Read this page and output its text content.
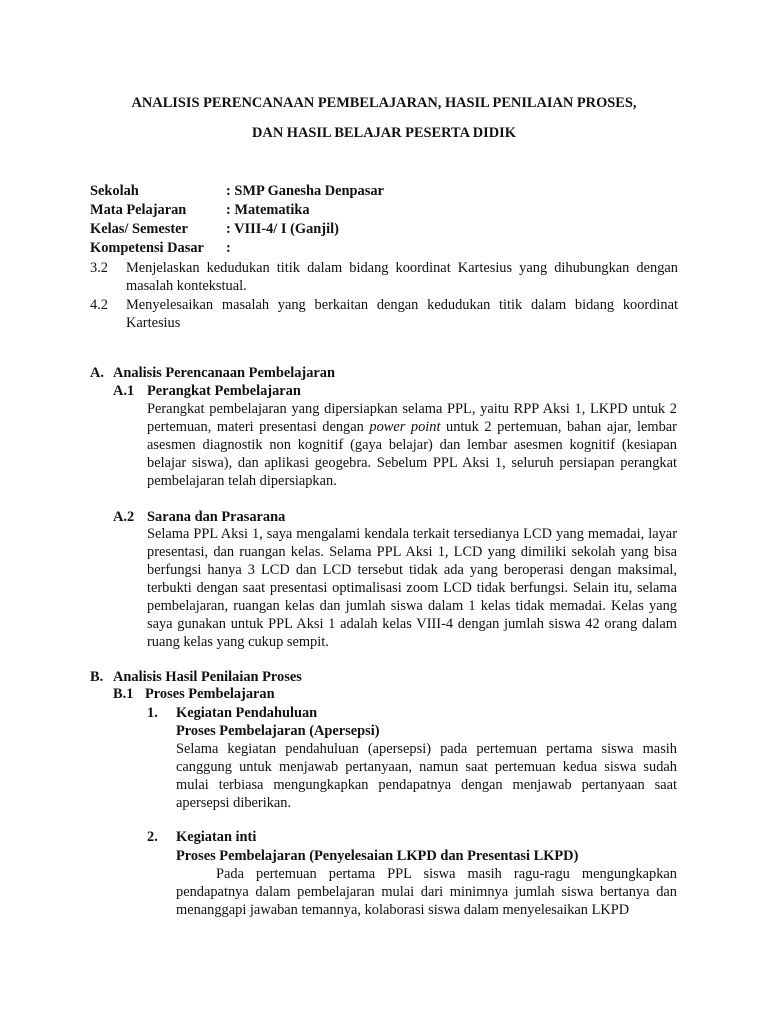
ANALISIS PERENCANAAN PEMBELAJARAN, HASIL PENILAIAN PROSES,
DAN HASIL BELAJAR PESERTA DIDIK
Sekolah	: SMP Ganesha Denpasar
Mata Pelajaran	: Matematika
Kelas/ Semester	: VIII-4/ I (Ganjil)
Kompetensi Dasar :
3.2 Menjelaskan kedudukan titik dalam bidang koordinat Kartesius yang dihubungkan dengan masalah kontekstual.
4.2 Menyelesaikan masalah yang berkaitan dengan kedudukan titik dalam bidang koordinat Kartesius
A. Analisis Perencanaan Pembelajaran
A.1 Perangkat Pembelajaran
Perangkat pembelajaran yang dipersiapkan selama PPL, yaitu RPP Aksi 1, LKPD untuk 2 pertemuan, materi presentasi dengan power point untuk 2 pertemuan, bahan ajar, lembar asesmen diagnostik non kognitif (gaya belajar) dan lembar asesmen kognitif (kesiapan belajar siswa), dan aplikasi geogebra. Sebelum PPL Aksi 1, seluruh persiapan perangkat pembelajaran telah dipersiapkan.
A.2 Sarana dan Prasarana
Selama PPL Aksi 1, saya mengalami kendala terkait tersedianya LCD yang memadai, layar presentasi, dan ruangan kelas. Selama PPL Aksi 1, LCD yang dimiliki sekolah yang bisa berfungsi hanya 3 LCD dan LCD tersebut tidak ada yang beroperasi dengan maksimal, terbukti dengan saat presentasi optimalisasi zoom LCD tidak berfungsi. Selain itu, selama pembelajaran, ruangan kelas dan jumlah siswa dalam 1 kelas tidak memadai. Kelas yang saya gunakan untuk PPL Aksi 1 adalah kelas VIII-4 dengan jumlah siswa 42 orang dalam ruang kelas yang cukup sempit.
B. Analisis Hasil Penilaian Proses
B.1 Proses Pembelajaran
1. Kegiatan Pendahuluan
Proses Pembelajaran (Apersepsi)
Selama kegiatan pendahuluan (apersepsi) pada pertemuan pertama siswa masih canggung untuk menjawab pertanyaan, namun saat pertemuan kedua siswa sudah mulai terbiasa mengungkapkan pendapatnya dengan menjawab pertanyaan saat apersepsi diberikan.
2. Kegiatan inti
Proses Pembelajaran (Penyelesaian LKPD dan Presentasi LKPD)
Pada pertemuan pertama PPL siswa masih ragu-ragu mengungkapkan pendapatnya dalam pembelajaran mulai dari minimnya jumlah siswa bertanya dan menanggapi jawaban temannya, kolaborasi siswa dalam menyelesaikan LKPD
